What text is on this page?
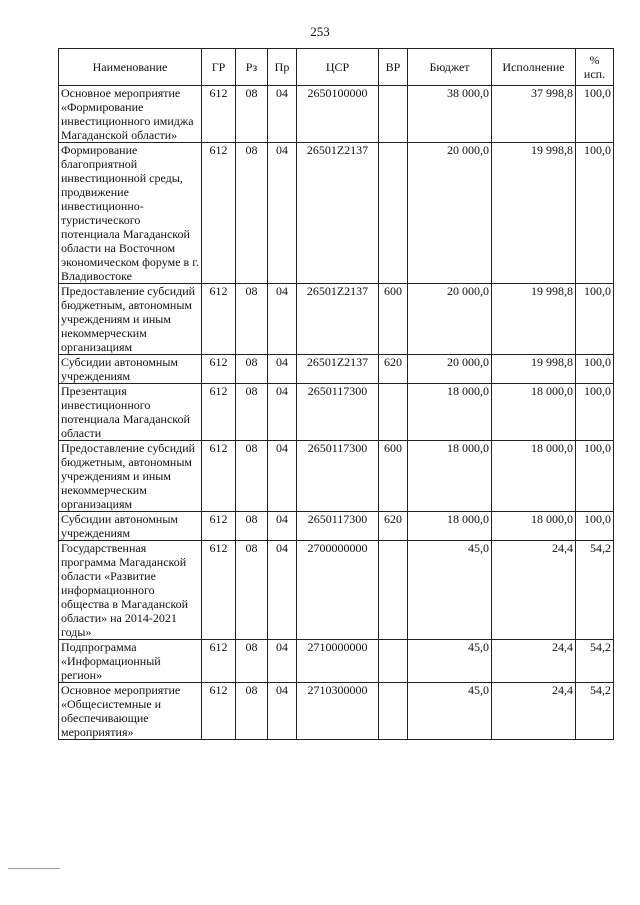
253
Наименование	ГР	Рз	Пр	ЦСР	ВР	Бюджет	Исполнение	% исп.
Основное мероприятие «Формирование инвестиционного имиджа Магаданской области»	612	08	04	2650100000		38 000,0	37 998,8	100,0
Формирование благоприятной инвестиционной среды, продвижение инвестиционно-туристического потенциала Магаданской области на Восточном экономическом форуме в г. Владивостоке	612	08	04	26501Z2137		20 000,0	19 998,8	100,0
Предоставление субсидий бюджетным, автономным учреждениям и иным некоммерческим организациям	612	08	04	26501Z2137	600	20 000,0	19 998,8	100,0
Субсидии автономным учреждениям	612	08	04	26501Z2137	620	20 000,0	19 998,8	100,0
Презентация инвестиционного потенциала Магаданской области	612	08	04	2650117300		18 000,0	18 000,0	100,0
Предоставление субсидий бюджетным, автономным учреждениям и иным некоммерческим организациям	612	08	04	2650117300	600	18 000,0	18 000,0	100,0
Субсидии автономным учреждениям	612	08	04	2650117300	620	18 000,0	18 000,0	100,0
Государственная программа Магаданской области «Развитие информационного общества в Магаданской области» на 2014-2021 годы»	612	08	04	2700000000		45,0	24,4	54,2
Подпрограмма «Информационный регион»	612	08	04	2710000000		45,0	24,4	54,2
Основное мероприятие «Общесистемные и обеспечивающие мероприятия»	612	08	04	2710300000		45,0	24,4	54,2
